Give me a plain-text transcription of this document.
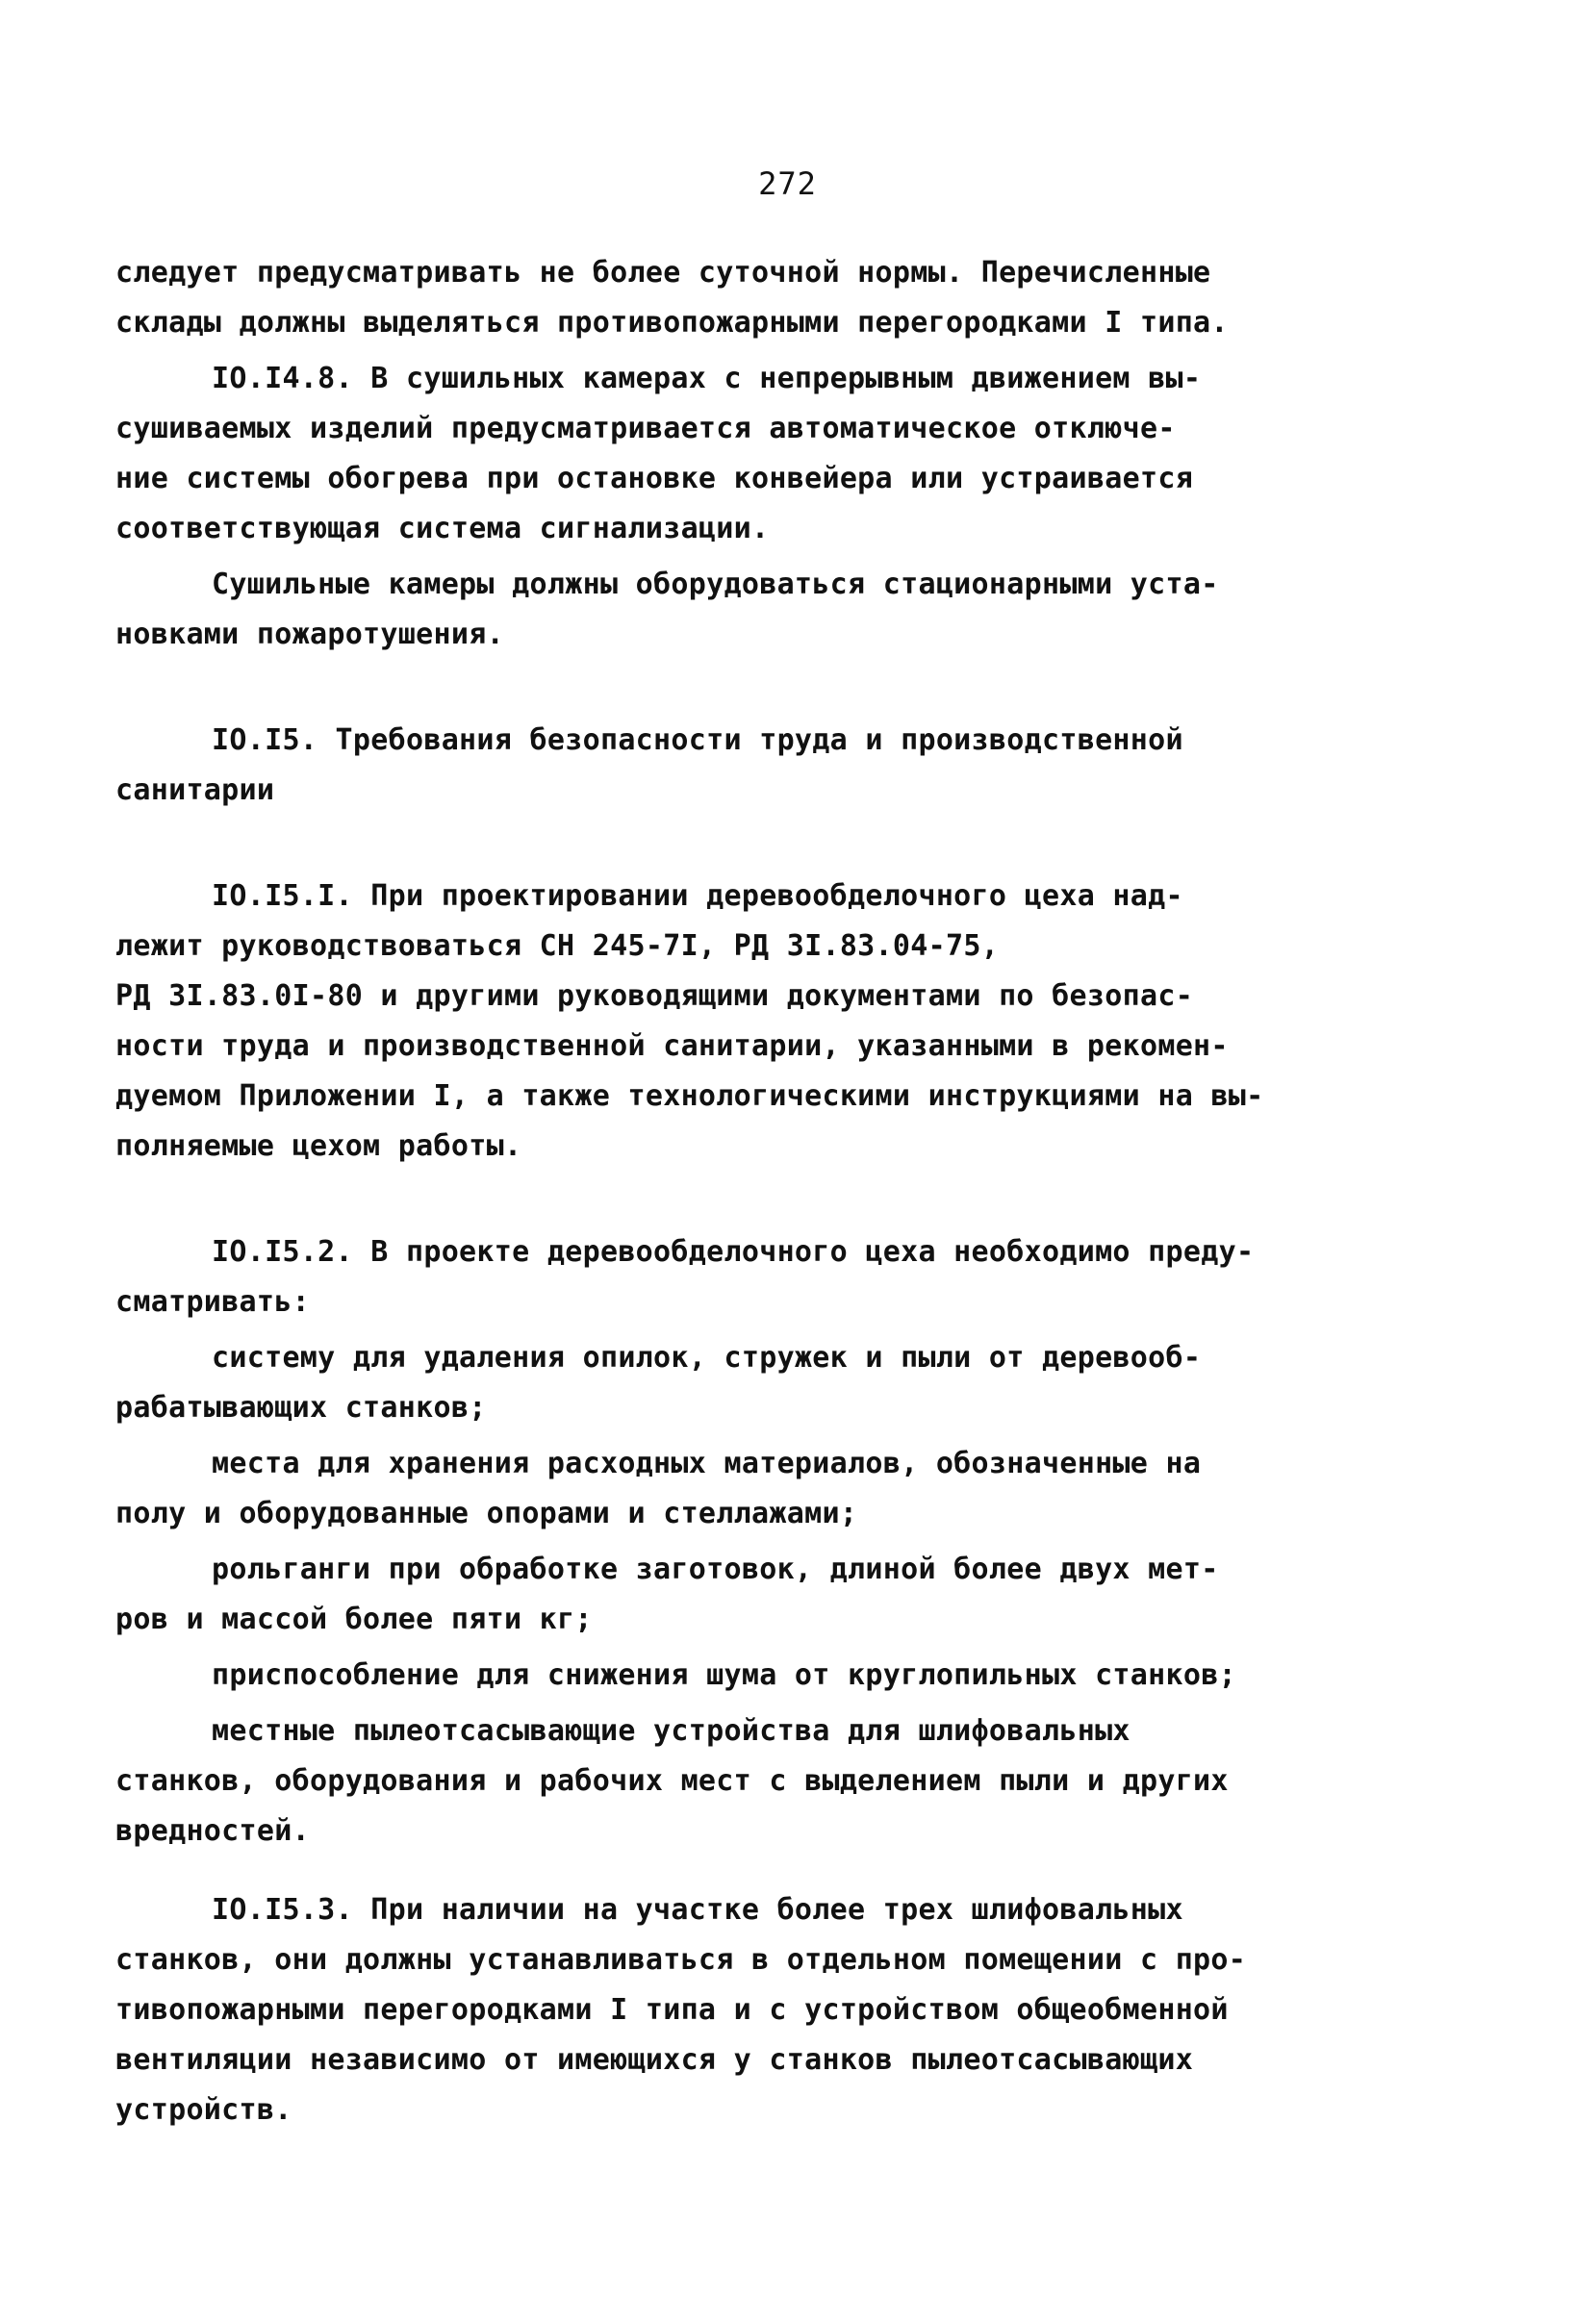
272
следует предусматривать не более суточной нормы. Перечисленные
склады должны выделяться противопожарными перегородками I типа.
IO.I4.8. В сушильных камерах с непрерывным движением вы-
сушиваемых изделий предусматривается автоматическое отключе-
ние системы обогрева при остановке конвейера или устраивается
соответствующая система сигнализации.
Сушильные камеры должны оборудоваться стационарными уста-
новками пожаротушения.
IO.I5. Требования безопасности труда и производственной
санитарии
IO.I5.I. При проектировании деревообделочного цеха над-
лежит руководствоваться СН 245-7I, РД 3I.83.04-75,
РД 3I.83.0I-80 и другими руководящими документами по безопас-
ности труда и производственной санитарии, указанными в рекомен-
дуемом Приложении I, а также технологическими инструкциями на вы-
полняемые цехом работы.
IO.I5.2. В проекте деревообделочного цеха необходимо преду-
сматривать:
систему для удаления опилок, стружек и пыли от деревооб-
рабатывающих станков;
места для хранения расходных материалов, обозначенные на
полу и оборудованные опорами и стеллажами;
рольганги при обработке заготовок, длиной более двух мет-
ров и массой более пяти кг;
приспособление для снижения шума от круглопильных станков;
местные пылеотсасывающие устройства для шлифовальных
станков, оборудования и рабочих мест с выделением пыли и других
вредностей.
IO.I5.3. При наличии на участке более трех шлифовальных
станков, они должны устанавливаться в отдельном помещении с про-
тивопожарными перегородками I типа и с устройством общеобменной
вентиляции независимо от имеющихся у станков пылеотсасывающих
устройств.
